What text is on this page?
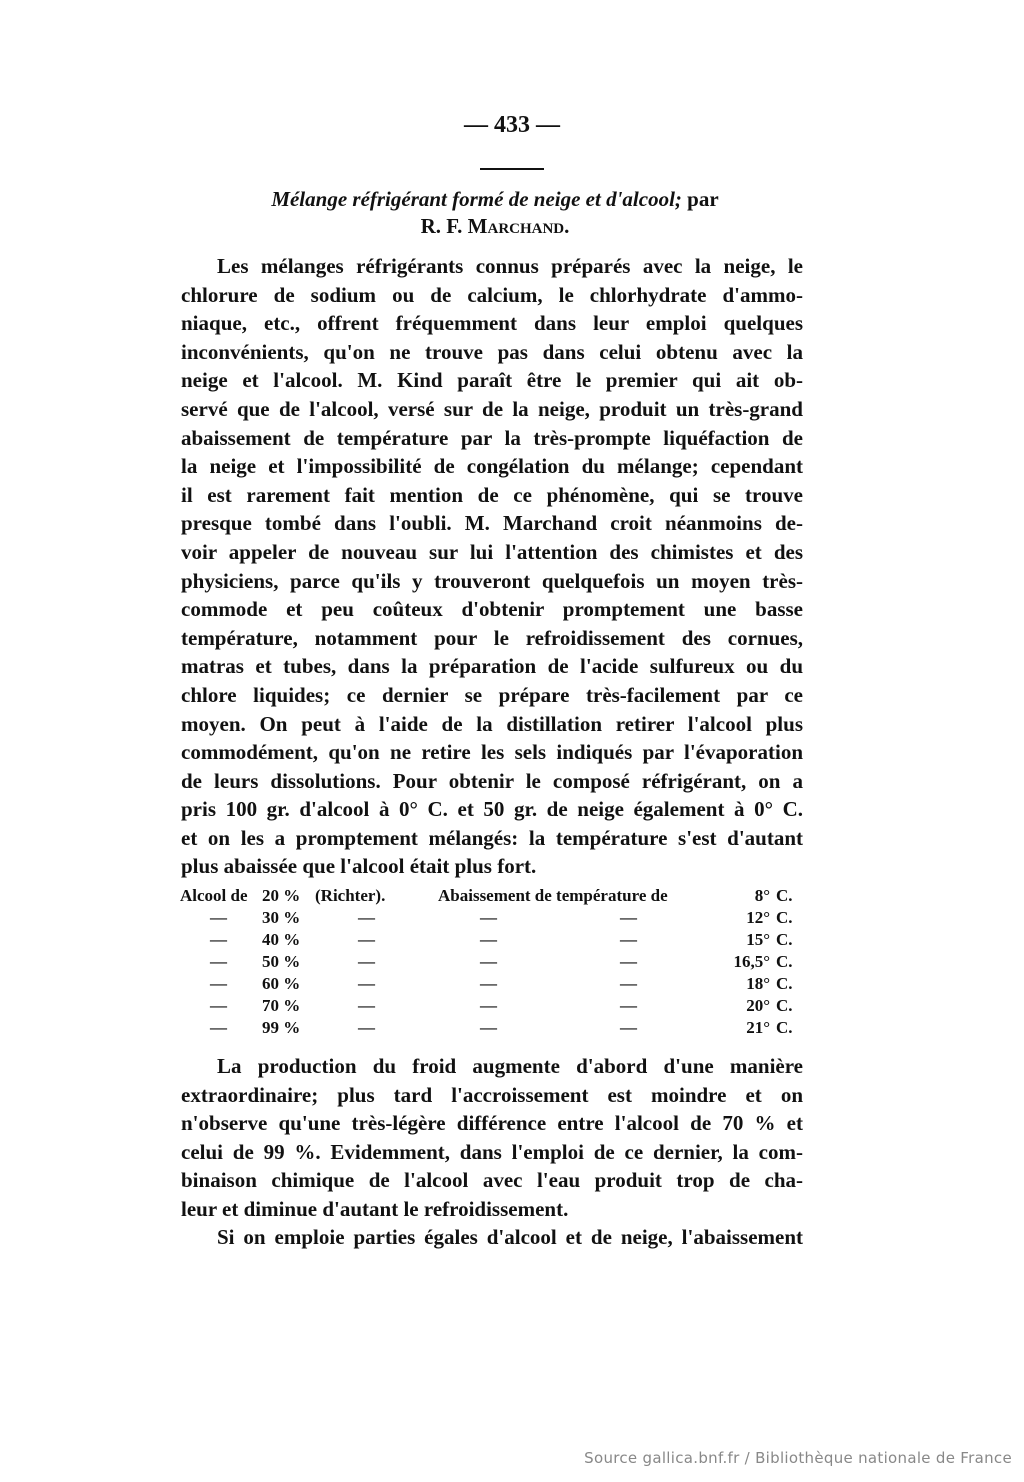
— 433 —
Mélange réfrigérant formé de neige et d'alcool; par
R. F. Marchand.
Les mélanges réfrigérants connus préparés avec la neige, le
chlorure de sodium ou de calcium, le chlorhydrate d'ammo-
niaque, etc., offrent fréquemment dans leur emploi quelques
inconvénients, qu'on ne trouve pas dans celui obtenu avec la
neige et l'alcool. M. Kind paraît être le premier qui ait ob-
servé que de l'alcool, versé sur de la neige, produit un très-grand
abaissement de température par la très-prompte liquéfaction de
la neige et l'impossibilité de congélation du mélange; cependant
il est rarement fait mention de ce phénomène, qui se trouve
presque tombé dans l'oubli. M. Marchand croit néanmoins de-
voir appeler de nouveau sur lui l'attention des chimistes et des
physiciens, parce qu'ils y trouveront quelquefois un moyen très-
commode et peu coûteux d'obtenir promptement une basse
température, notamment pour le refroidissement des cornues,
matras et tubes, dans la préparation de l'acide sulfureux ou du
chlore liquides; ce dernier se prépare très-facilement par ce
moyen. On peut à l'aide de la distillation retirer l'alcool plus
commodément, qu'on ne retire les sels indiqués par l'évaporation
de leurs dissolutions. Pour obtenir le composé réfrigérant, on a
pris 100 gr. d'alcool à 0° C. et 50 gr. de neige également à 0° C.
et on les a promptement mélangés: la température s'est d'autant
plus abaissée que l'alcool était plus fort.
Alcool de 20 % (Richter).	Abaissement de température de	8° C.
— 30 %	—	—	—	12° C.
— 40 %	—	—	—	15° C.
— 50 %	—	—	—	16,5° C.
— 60 %	—	—	—	18° C.
— 70 %	—	—	—	20° C.
— 99 %	—	—	—	21° C.
La production du froid augmente d'abord d'une manière
extraordinaire; plus tard l'accroissement est moindre et on
n'observe qu'une très-légère différence entre l'alcool de 70 % et
celui de 99 %. Evidemment, dans l'emploi de ce dernier, la com-
binaison chimique de l'alcool avec l'eau produit trop de cha-
leur et diminue d'autant le refroidissement.
Si on emploie parties égales d'alcool et de neige, l'abaissement
Source gallica.bnf.fr / Bibliothèque nationale de France
